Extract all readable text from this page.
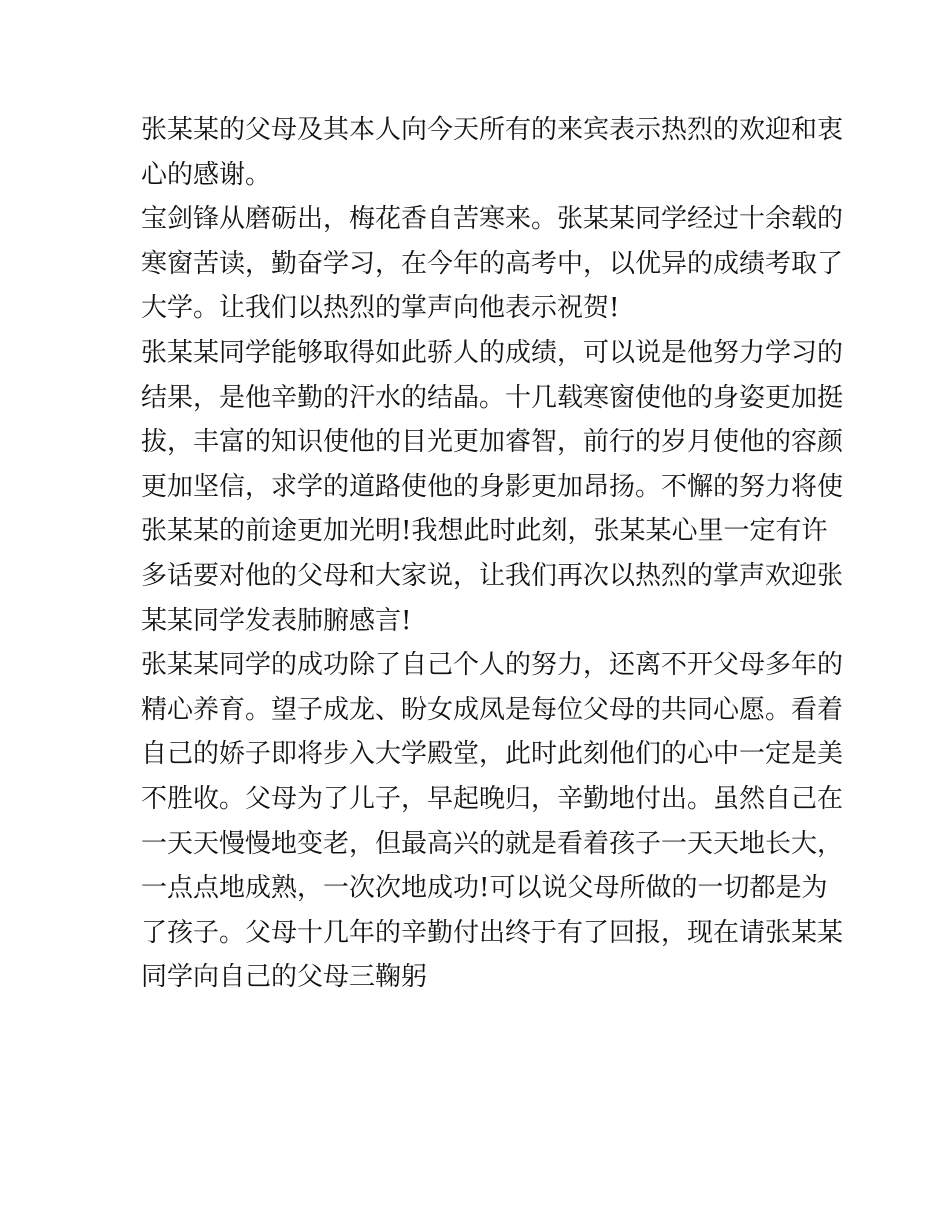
张某某的父母及其本人向今天所有的来宾表示热烈的欢迎和衷
心的感谢。
宝剑锋从磨砺出，梅花香自苦寒来。张某某同学经过十余载的
寒窗苦读，勤奋学习，在今年的高考中，以优异的成绩考取了
大学。让我们以热烈的掌声向他表示祝贺!
张某某同学能够取得如此骄人的成绩，可以说是他努力学习的
结果，是他辛勤的汗水的结晶。十几载寒窗使他的身姿更加挺
拔，丰富的知识使他的目光更加睿智，前行的岁月使他的容颜
更加坚信，求学的道路使他的身影更加昂扬。不懈的努力将使
张某某的前途更加光明!我想此时此刻，张某某心里一定有许
多话要对他的父母和大家说，让我们再次以热烈的掌声欢迎张
某某同学发表肺腑感言!
张某某同学的成功除了自己个人的努力，还离不开父母多年的
精心养育。望子成龙、盼女成凤是每位父母的共同心愿。看着
自己的娇子即将步入大学殿堂，此时此刻他们的心中一定是美
不胜收。父母为了儿子，早起晚归，辛勤地付出。虽然自己在
一天天慢慢地变老，但最高兴的就是看着孩子一天天地长大，
一点点地成熟，一次次地成功!可以说父母所做的一切都是为
了孩子。父母十几年的辛勤付出终于有了回报，现在请张某某
同学向自己的父母三鞠躬
